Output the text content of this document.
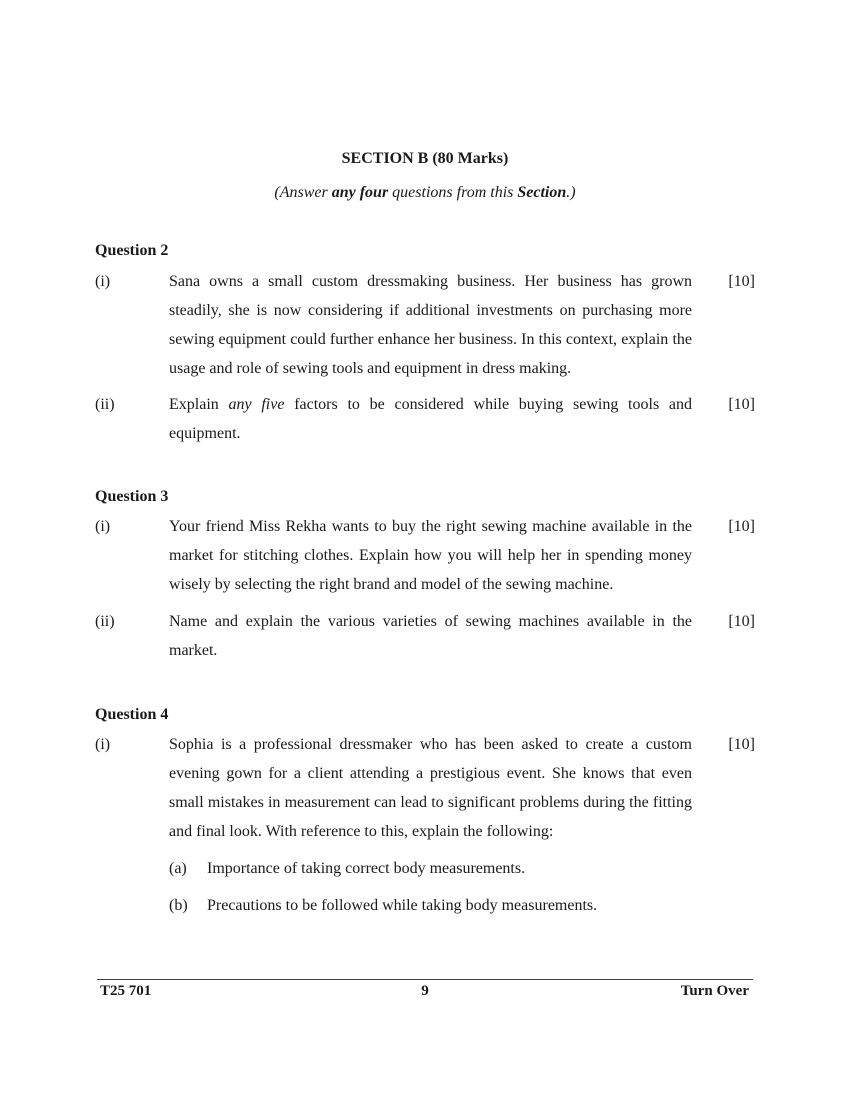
SECTION B (80 Marks)
(Answer any four questions from this Section.)
Question 2
(i)	Sana owns a small custom dressmaking business. Her business has grown steadily, she is now considering if additional investments on purchasing more sewing equipment could further enhance her business. In this context, explain the usage and role of sewing tools and equipment in dress making.
[10]
(ii)	Explain any five factors to be considered while buying sewing tools and equipment.
[10]
Question 3
(i)	Your friend Miss Rekha wants to buy the right sewing machine available in the market for stitching clothes. Explain how you will help her in spending money wisely by selecting the right brand and model of the sewing machine.
[10]
(ii)	Name and explain the various varieties of sewing machines available in the market.
[10]
Question 4
(i)	Sophia is a professional dressmaker who has been asked to create a custom evening gown for a client attending a prestigious event. She knows that even small mistakes in measurement can lead to significant problems during the fitting and final look. With reference to this, explain the following:
[10]
(a) Importance of taking correct body measurements.
(b) Precautions to be followed while taking body measurements.
T25 701	9	Turn Over
